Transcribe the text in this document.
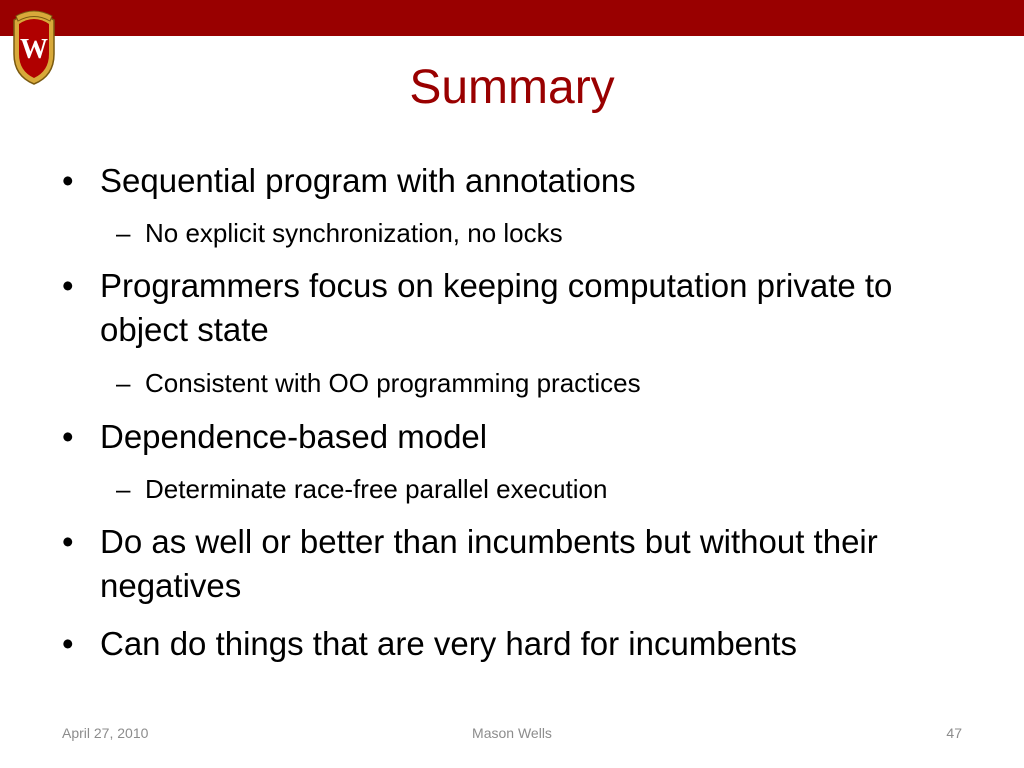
W
Summary
• Sequential program with annotations
– No explicit synchronization, no locks
• Programmers focus on keeping computation private to object state
– Consistent with OO programming practices
• Dependence-based model
– Determinate race-free parallel execution
• Do as well or better than incumbents but without their negatives
• Can do things that are very hard for incumbents
April 27, 2010	Mason Wells	47
